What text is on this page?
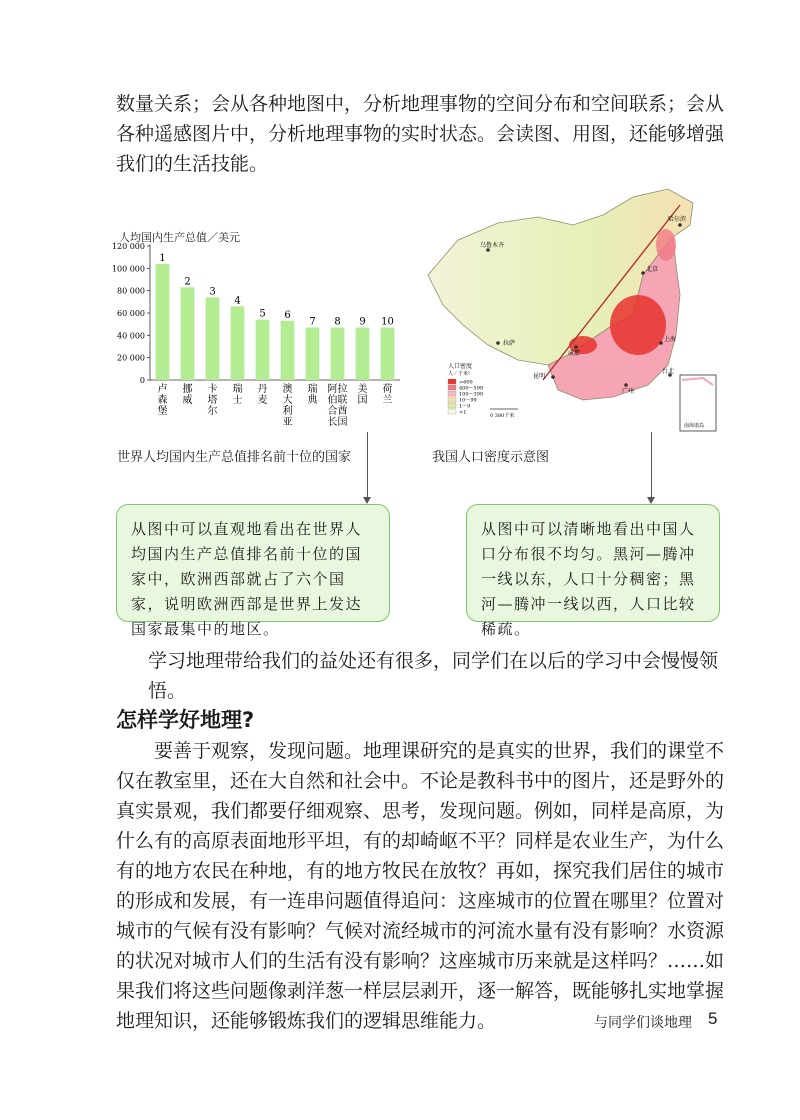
数量关系；会从各种地图中，分析地理事物的空间分布和空间联系；会从各种遥感图片中，分析地理事物的实时状态。会读图、用图，还能够增强我们的生活技能。

人均国内生产总值／美元
120 000
100 000
80 000
60 000
40 000
20 000
0
1
卢森堡
2
挪威
3
卡塔尔
4
瑞士
5
丹麦
6
澳大利亚
7
瑞典
8
阿拉伯联合酋长国
9
美国
10
荷兰
世界人均国内生产总值排名前十位的国家
乌鲁木齐
哈尔滨
北京
拉萨
成都
上海
昆明
台北
广州
人口密度
人／千米²
>600
400～599
100～399
10～99
1～9
<1
0 380千米
南海诸岛
我国人口密度示意图
从图中可以直观地看出在世界人均国内生产总值排名前十位的国家中，欧洲西部就占了六个国家，说明欧洲西部是世界上发达国家最集中的地区。
从图中可以清晰地看出中国人口分布很不均匀。黑河—腾冲一线以东，人口十分稠密；黑河—腾冲一线以西，人口比较稀疏。

学习地理带给我们的益处还有很多，同学们在以后的学习中会慢慢领悟。

怎样学好地理?

要善于观察，发现问题。地理课研究的是真实的世界，我们的课堂不仅在教室里，还在大自然和社会中。不论是教科书中的图片，还是野外的真实景观，我们都要仔细观察、思考，发现问题。例如，同样是高原，为什么有的高原表面地形平坦，有的却崎岖不平？同样是农业生产，为什么有的地方农民在种地，有的地方牧民在放牧？再如，探究我们居住的城市的形成和发展，有一连串问题值得追问：这座城市的位置在哪里？位置对城市的气候有没有影响？气候对流经城市的河流水量有没有影响？水资源的状况对城市人们的生活有没有影响？这座城市历来就是这样吗？……如果我们将这些问题像剥洋葱一样层层剥开，逐一解答，既能够扎实地掌握地理知识，还能够锻炼我们的逻辑思维能力。	与同学们谈地理 5
